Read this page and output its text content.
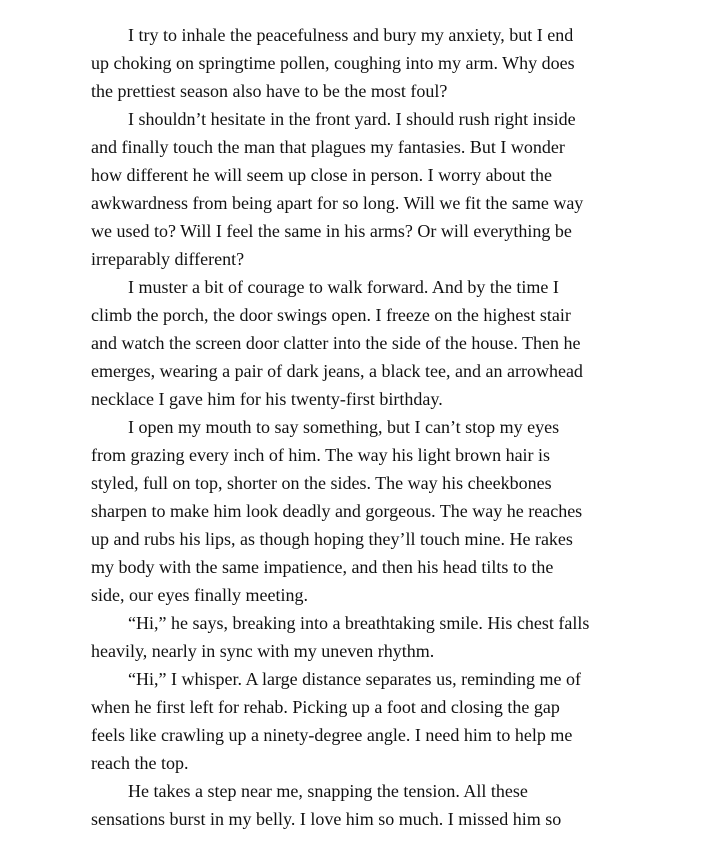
I try to inhale the peacefulness and bury my anxiety, but I end
up choking on springtime pollen, coughing into my arm. Why does
the prettiest season also have to be the most foul?
I shouldn’t hesitate in the front yard. I should rush right inside
and finally touch the man that plagues my fantasies. But I wonder
how different he will seem up close in person. I worry about the
awkwardness from being apart for so long. Will we fit the same way
we used to? Will I feel the same in his arms? Or will everything be
irreparably different?
I muster a bit of courage to walk forward. And by the time I
climb the porch, the door swings open. I freeze on the highest stair
and watch the screen door clatter into the side of the house. Then he
emerges, wearing a pair of dark jeans, a black tee, and an arrowhead
necklace I gave him for his twenty-first birthday.
I open my mouth to say something, but I can’t stop my eyes
from grazing every inch of him. The way his light brown hair is
styled, full on top, shorter on the sides. The way his cheekbones
sharpen to make him look deadly and gorgeous. The way he reaches
up and rubs his lips, as though hoping they’ll touch mine. He rakes
my body with the same impatience, and then his head tilts to the
side, our eyes finally meeting.
“Hi,” he says, breaking into a breathtaking smile. His chest falls
heavily, nearly in sync with my uneven rhythm.
“Hi,” I whisper. A large distance separates us, reminding me of
when he first left for rehab. Picking up a foot and closing the gap
feels like crawling up a ninety-degree angle. I need him to help me
reach the top.
He takes a step near me, snapping the tension. All these
sensations burst in my belly. I love him so much. I missed him so
